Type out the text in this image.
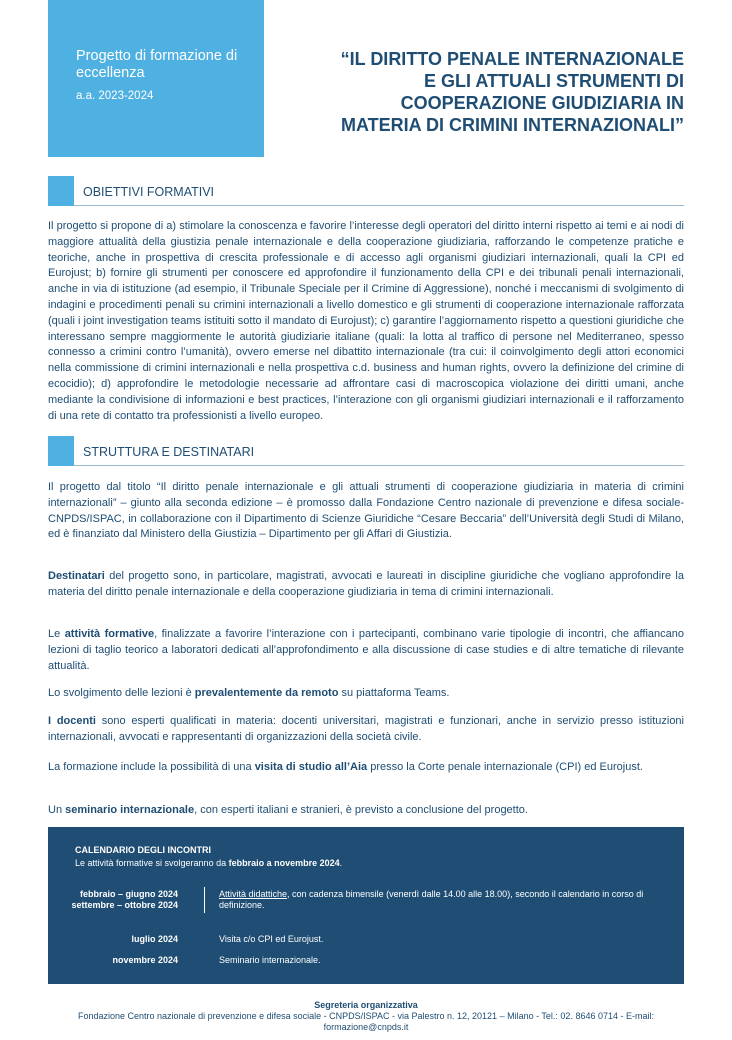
Progetto di formazione di eccellenza
a.a. 2023-2024
“IL DIRITTO PENALE INTERNAZIONALE
E GLI ATTUALI STRUMENTI DI
COOPERAZIONE GIUDIZIARIA IN
MATERIA DI CRIMINI INTERNAZIONALI”
OBIETTIVI FORMATIVI
Il progetto si propone di a) stimolare la conoscenza e favorire l’interesse degli operatori del diritto interni rispetto ai temi e ai nodi di maggiore attualità della giustizia penale internazionale e della cooperazione giudiziaria, rafforzando le competenze pratiche e teoriche, anche in prospettiva di crescita professionale e di accesso agli organismi giudiziari internazionali, quali la CPI ed Eurojust; b) fornire gli strumenti per conoscere ed approfondire il funzionamento della CPI e dei tribunali penali internazionali, anche in via di istituzione (ad esempio, il Tribunale Speciale per il Crimine di Aggressione), nonché i meccanismi di svolgimento di indagini e procedimenti penali su crimini internazionali a livello domestico e gli strumenti di cooperazione internazionale rafforzata (quali i joint investigation teams istituiti sotto il mandato di Eurojust); c) garantire l’aggiornamento rispetto a questioni giuridiche che interessano sempre maggiormente le autorità giudiziarie italiane (quali: la lotta al traffico di persone nel Mediterraneo, spesso connesso a crimini contro l’umanità), ovvero emerse nel dibattito internazionale (tra cui: il coinvolgimento degli attori economici nella commissione di crimini internazionali e nella prospettiva c.d. business and human rights, ovvero la definizione del crimine di ecocidio); d) approfondire le metodologie necessarie ad affrontare casi di macroscopica violazione dei diritti umani, anche mediante la condivisione di informazioni e best practices, l’interazione con gli organismi giudiziari internazionali e il rafforzamento di una rete di contatto tra professionisti a livello europeo.
STRUTTURA E DESTINATARI
Il progetto dal titolo “Il diritto penale internazionale e gli attuali strumenti di cooperazione giudiziaria in materia di crimini internazionali” – giunto alla seconda edizione – è promosso dalla Fondazione Centro nazionale di prevenzione e difesa sociale-CNPDS/ISPAC, in collaborazione con il Dipartimento di Scienze Giuridiche “Cesare Beccaria” dell’Università degli Studi di Milano, ed è finanziato dal Ministero della Giustizia – Dipartimento per gli Affari di Giustizia.
Destinatari del progetto sono, in particolare, magistrati, avvocati e laureati in discipline giuridiche che vogliano approfondire la materia del diritto penale internazionale e della cooperazione giudiziaria in tema di crimini internazionali.
Le attività formative, finalizzate a favorire l’interazione con i partecipanti, combinano varie tipologie di incontri, che affiancano lezioni di taglio teorico a laboratori dedicati all’approfondimento e alla discussione di case studies e di altre tematiche di rilevante attualità.
Lo svolgimento delle lezioni è prevalentemente da remoto su piattaforma Teams.
I docenti sono esperti qualificati in materia: docenti universitari, magistrati e funzionari, anche in servizio presso istituzioni internazionali, avvocati e rappresentanti di organizzazioni della società civile.
La formazione include la possibilità di una visita di studio all’Aia presso la Corte penale internazionale (CPI) ed Eurojust.
Un seminario internazionale, con esperti italiani e stranieri, è previsto a conclusione del progetto.
CALENDARIO DEGLI INCONTRI
Le attività formative si svolgeranno da febbraio a novembre 2024.
febbraio – giugno 2024
settembre – ottobre 2024
Attività didattiche, con cadenza bimensile (venerdì dalle 14.00 alle 18.00), secondo il calendario in corso di definizione.
luglio 2024	Visita c/o CPI ed Eurojust.
novembre 2024	Seminario internazionale.
Segreteria organizzativa
Fondazione Centro nazionale di prevenzione e difesa sociale - CNPDS/ISPAC - via Palestro n. 12, 20121 – Milano - Tel.: 02. 8646 0714 - E-mail:
formazione@cnpds.it
